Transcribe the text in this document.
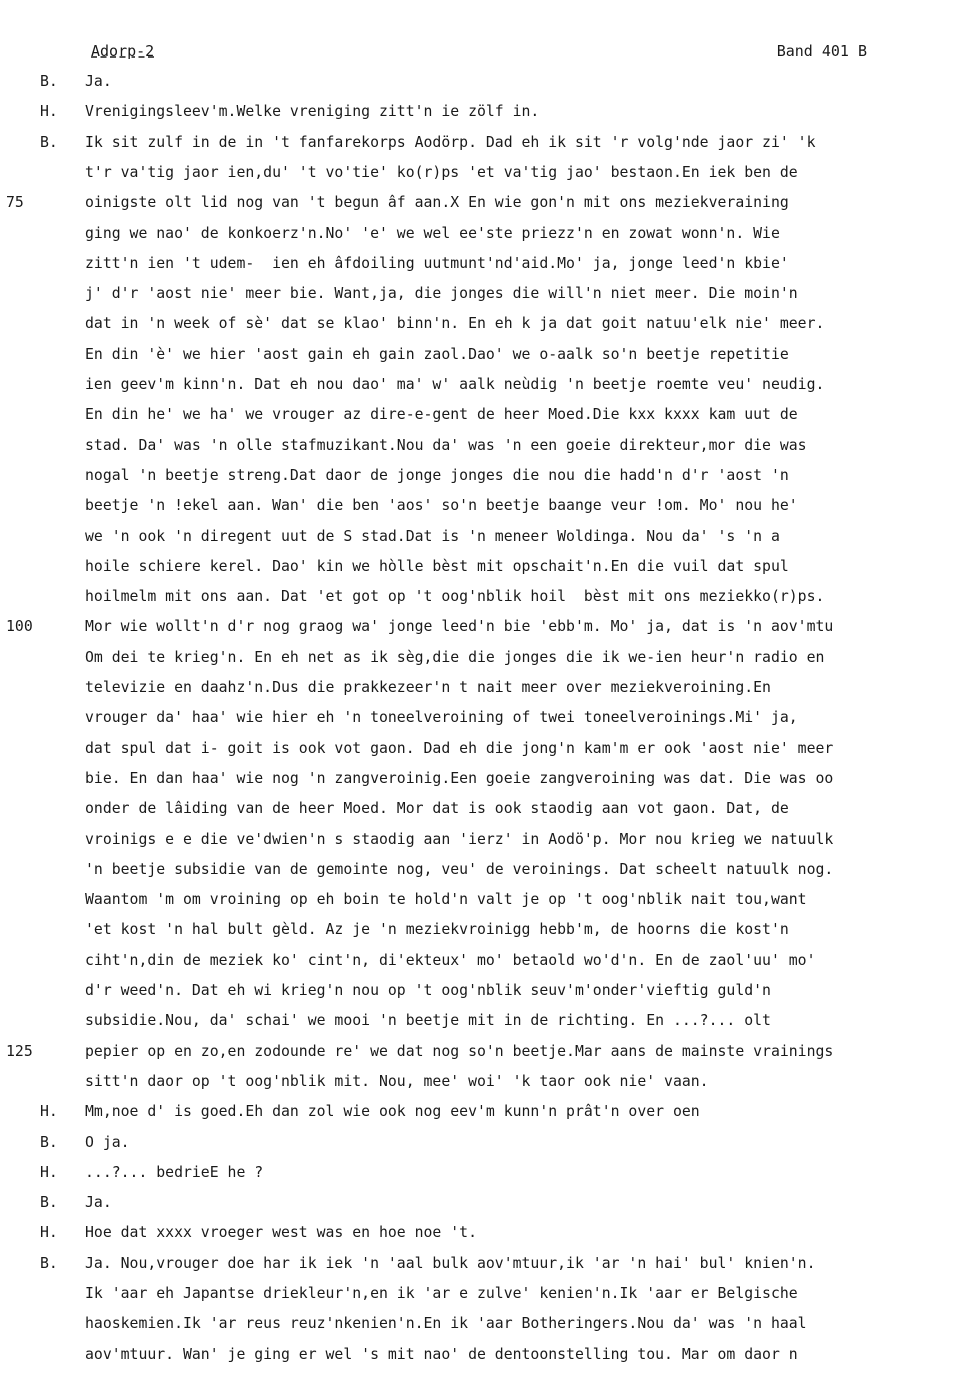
Adorp-2	Band 401 B
B. Ja.
H. Vrenigingsleev'm.Welke vreniging zitt'n ie zölf in.
B. Ik sit zulf in de in 't fanfarekorps Aodörp. Dad eh ik sit 'r volg'nde jaor zi' 'k
t'r va'tig jaor ien,du' 't vo'tie' ko(r)ps 'et va'tig jao' bestaon.En iek ben de
75	oinigste olt lid nog van 't begun âf aan.X En wie gon'n mit ons meziekveraining
ging we nao' de konkoerz'n.No' 'e' we wel ee'ste priezz'n en zowat wonn'n. Wie
zitt'n ien 't udem-  ien eh âfdoiling uutmunt'nd'aid.Mo' ja, jonge leed'n kbie'
j' d'r 'aost nie' meer bie. Want,ja, die jonges die will'n niet meer. Die moin'n
dat in 'n week of sè' dat se klao' binn'n. En eh k ja dat goit natuu'elk nie' meer.
En din 'è' we hier 'aost gain eh gain zaol.Dao' we o-aalk so'n beetje repetitie
ien geev'm kinn'n. Dat eh nou dao' ma' w' aalk neùdig 'n beetje roemte veu' neudig.
En din he' we ha' we vrouger az dire-e-gent de heer Moed.Die kxx kxxx kam uut de
stad. Da' was 'n olle stafmuzikant.Nou da' was 'n een goeie direkteur,mor die was
nogal 'n beetje streng.Dat daor de jonge jonges die nou die hadd'n d'r 'aost 'n
beetje 'n !ekel aan. Wan' die ben 'aos' so'n beetje baange veur !om. Mo' nou he'
we 'n ook 'n diregent uut de S stad.Dat is 'n meneer Woldinga. Nou da' 's 'n a
hoile schiere kerel. Dao' kin we hòlle bèst mit opschait'n.En die vuil dat spul
hoilmelm mit ons aan. Dat 'et got op 't oog'nblik hoil  bèst mit ons meziekko(r)ps.
100	Mor wie wollt'n d'r nog graog wa' jonge leed'n bie 'ebb'm. Mo' ja, dat is 'n aov'mtu
Om dei te krieg'n. En eh net as ik sèg,die die jonges die ik we-ien heur'n radio en
televizie en daahz'n.Dus die prakkezeer'n t nait meer over meziekveroining.En
vrouger da' haa' wie hier eh 'n toneelveroining of twei toneelveroinings.Mi' ja,
dat spul dat i- goit is ook vot gaon. Dad eh die jong'n kam'm er ook 'aost nie' meer
bie. En dan haa' wie nog 'n zangveroinig.Een goeie zangveroining was dat. Die was oo
onder de lâiding van de heer Moed. Mor dat is ook staodig aan vot gaon. Dat, de
vroinigs e e die ve'dwien'n s staodig aan 'ierz' in Aodö'p. Mor nou krieg we natuulk
'n beetje subsidie van de gemointe nog, veu' de veroinings. Dat scheelt natuulk nog.
Waantom 'm om vroining op eh boin te hold'n valt je op 't oog'nblik nait tou,want
'et kost 'n hal bult gèld. Az je 'n meziekvroinigg hebb'm, de hoorns die kost'n
ciht'n,din de meziek ko' cint'n, di'ekteux' mo' betaold wo'd'n. En de zaol'uu' mo'
d'r weed'n. Dat eh wi krieg'n nou op 't oog'nblik seuv'm'onder'vieftig guld'n
subsidie.Nou, da' schai' we mooi 'n beetje mit in de richting. En ...?... olt
125	pepier op en zo,en zodounde re' we dat nog so'n beetje.Mar aans de mainste vrainings
sitt'n daor op 't oog'nblik mit. Nou, mee' woi' 'k taor ook nie' vaan.
H. Mm,noe d' is goed.Eh dan zol wie ook nog eev'm kunn'n prât'n over oen
B. O ja.
H. ...?... bedrieE he ?
B. Ja.
H. Hoe dat xxxx vroeger west was en hoe noe 't.
B. Ja. Nou,vrouger doe har ik iek 'n 'aal bulk aov'mtuur,ik 'ar 'n hai' bul' knien'n.
Ik 'aar eh Japantse driekleur'n,en ik 'ar e zulve' kenien'n.Ik 'aar er Belgische
haoskemien.Ik 'ar reus reuz'nkenien'n.En ik 'aar Botheringers.Nou da' was 'n haal
aov'mtuur. Wan' je ging er wel 's mit nao' de dentoonstelling tou. Mar om daor n
